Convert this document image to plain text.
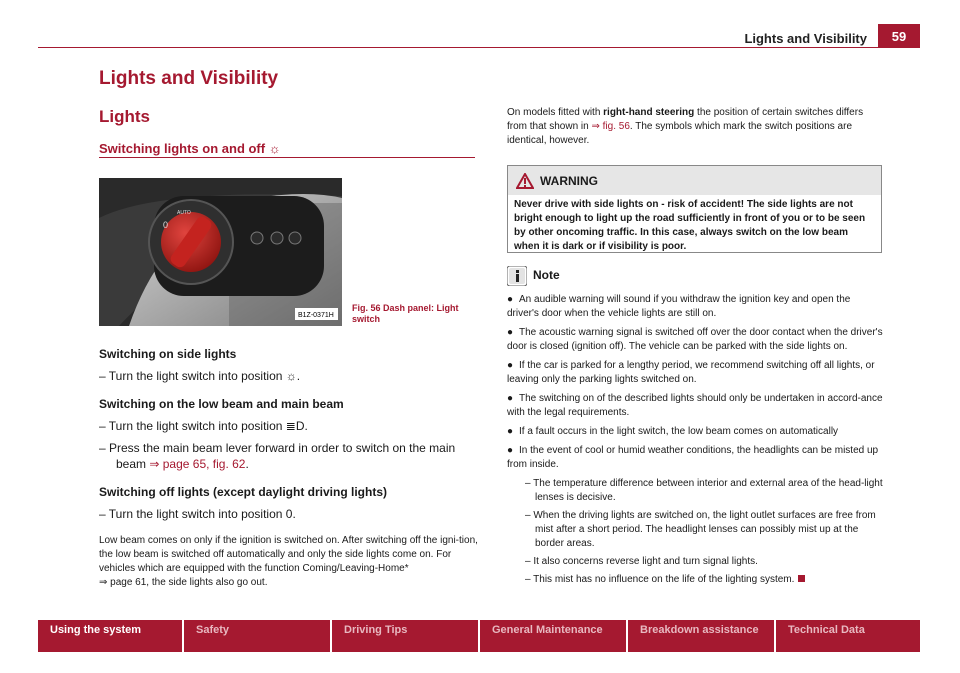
Lights and Visibility	59
Lights and Visibility
Lights
Switching lights on and off ☼
0
AUTO
B1Z-0371H
Fig. 56 Dash panel: Light switch
Switching on side lights
– Turn the light switch into position ☼.
Switching on the low beam and main beam
– Turn the light switch into position ≣D.
– Press the main beam lever forward in order to switch on the main beam ⇒ page 65, fig. 62.
Switching off lights (except daylight driving lights)
– Turn the light switch into position 0.
Low beam comes on only if the ignition is switched on. After switching off the igni-tion, the low beam is switched off automatically and only the side lights come on. For vehicles which are equipped with the function Coming/Leaving-Home*
⇒ page 61, the side lights also go out.
On models fitted with right-hand steering the position of certain switches differs from that shown in ⇒ fig. 56. The symbols which mark the switch positions are identical, however.
WARNING
Never drive with side lights on - risk of accident! The side lights are not bright enough to light up the road sufficiently in front of you or to be seen by other oncoming traffic. In this case, always switch on the low beam when it is dark or if visibility is poor.
Note

● An audible warning will sound if you withdraw the ignition key and open the driver's door when the vehicle lights are still on.

● The acoustic warning signal is switched off over the door contact when the driver's door is closed (ignition off). The vehicle can be parked with the side lights on.

● If the car is parked for a lengthy period, we recommend switching off all lights, or leaving only the parking lights switched on.

● The switching on of the described lights should only be undertaken in accord-ance with the legal requirements.

● If a fault occurs in the light switch, the low beam comes on automatically

● In the event of cool or humid weather conditions, the headlights can be misted up from inside.

– The temperature difference between interior and external area of the head-light lenses is decisive.
– When the driving lights are switched on, the light outlet surfaces are free from mist after a short period. The headlight lenses can possibly mist up at the border areas.
– It also concerns reverse light and turn signal lights.
– This mist has no influence on the life of the lighting system.
Using the system	Safety	Driving Tips	General Maintenance	Breakdown assistance	Technical Data
